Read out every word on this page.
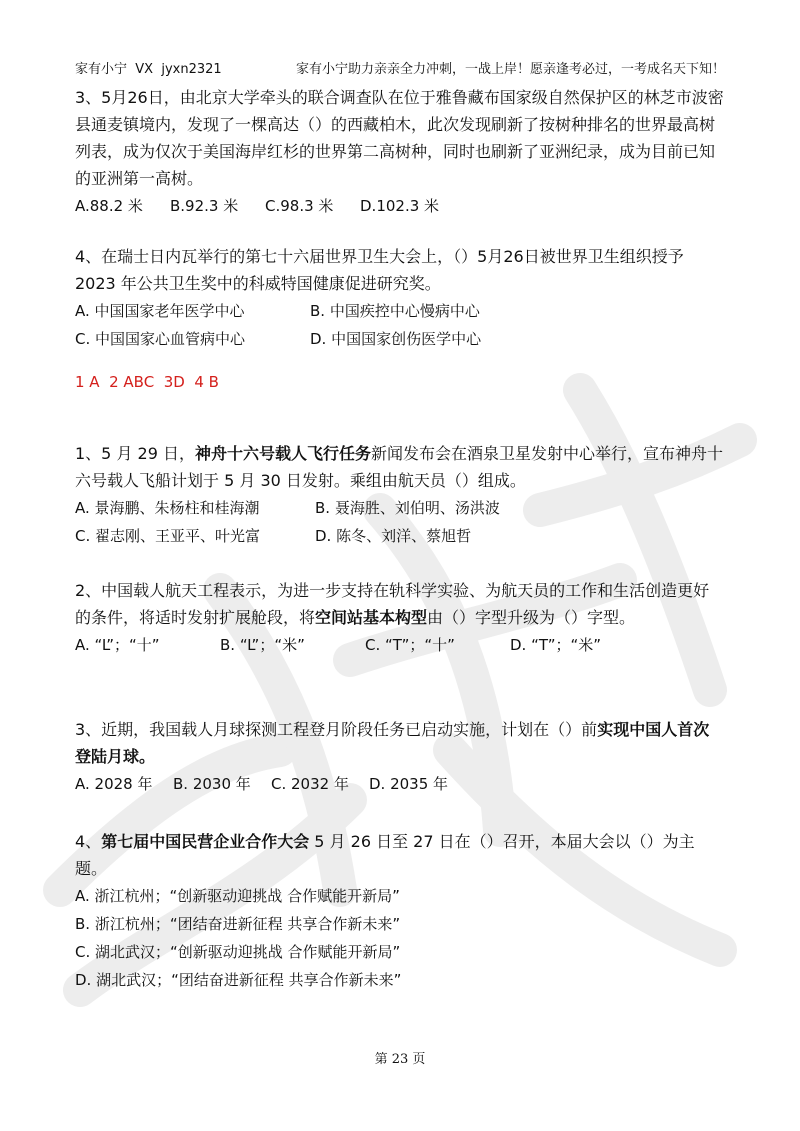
家有小宁  VX  jyxn2321	家有小宁助力亲亲全力冲刺，一战上岸！愿亲逢考必过，一考成名天下知！

3、5月26日，由北京大学牵头的联合调查队在位于雅鲁藏布国家级自然保护区的林芝市波密县通麦镇境内，发现了一棵高达（）的西藏柏木，此次发现刷新了按树种排名的世界最高树列表，成为仅次于美国海岸红杉的世界第二高树种，同时也刷新了亚洲纪录，成为目前已知的亚洲第一高树。

A.88.2 米	B.92.3 米	C.98.3 米	D.102.3 米

4、在瑞士日内瓦举行的第七十六届世界卫生大会上，（）5月26日被世界卫生组织授予 2023 年公共卫生奖中的科威特国健康促进研究奖。

A. 中国国家老年医学中心	B. 中国疾控中心慢病中心
C. 中国国家心血管病中心	D. 中国国家创伤医学中心
1 A  2 ABC  3D  4 B

1、5 月 29 日，神舟十六号载人飞行任务新闻发布会在酒泉卫星发射中心举行，宣布神舟十六号载人飞船计划于 5 月 30 日发射。乘组由航天员（）组成。

A. 景海鹏、朱杨柱和桂海潮	B. 聂海胜、刘伯明、汤洪波
C. 翟志刚、王亚平、叶光富	D. 陈冬、刘洋、蔡旭哲

2、中国载人航天工程表示，为进一步支持在轨科学实验、为航天员的工作和生活创造更好的条件，将适时发射扩展舱段，将空间站基本构型由（）字型升级为（）字型。

A. “L”；“十”	B. “L”；“米”	C. “T”；“十”	D. “T”；“米”

3、近期，我国载人月球探测工程登月阶段任务已启动实施，计划在（）前实现中国人首次登陆月球。

A. 2028 年	B. 2030 年	C. 2032 年	D. 2035 年

4、第七届中国民营企业合作大会 5 月 26 日至 27 日在（）召开，本届大会以（）为主题。

A. 浙江杭州；“创新驱动迎挑战 合作赋能开新局”
B. 浙江杭州；“团结奋进新征程 共享合作新未来”
C. 湖北武汉；“创新驱动迎挑战 合作赋能开新局”
D. 湖北武汉；“团结奋进新征程 共享合作新未来”
第 23 页
